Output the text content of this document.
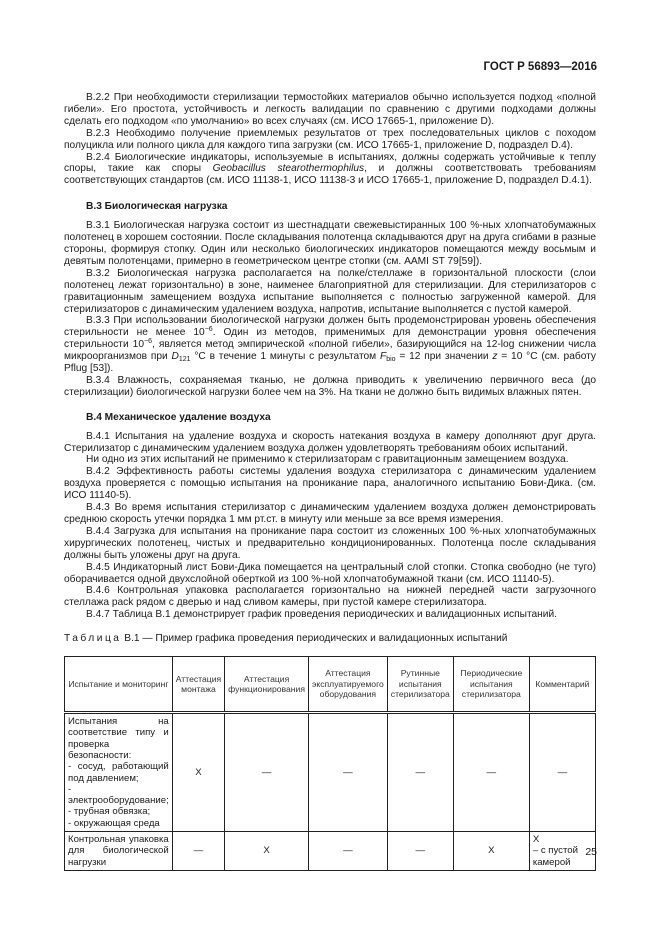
ГОСТ Р 56893—2016

В.2.2 При необходимости стерилизации термостойких материалов обычно используется подход «полной гибели». Его простота, устойчивость и легкость валидации по сравнению с другими подходами должны сделать его подходом «по умолчанию» во всех случаях (см. ИСО 17665-1, приложение D).

В.2.3 Необходимо получение приемлемых результатов от трех последовательных циклов с походом полуцикла или полного цикла для каждого типа загрузки (см. ИСО 17665-1, приложение D, подраздел D.4).

В.2.4 Биологические индикаторы, используемые в испытаниях, должны содержать устойчивые к теплу споры, такие как споры Geobacillus stearothermophilus, и должны соответствовать требованиям соответствующих стандартов (см. ИСО 11138-1, ИСО 11138-3 и ИСО 17665-1, приложение D, подраздел D.4.1).

В.3 Биологическая нагрузка

В.3.1 Биологическая нагрузка состоит из шестнадцати свежевыстиранных 100 %-ных хлопчатобумажных полотенец в хорошем состоянии. После складывания полотенца складываются друг на друга сгибами в разные стороны, формируя стопку. Один или несколько биологических индикаторов помещаются между восьмым и девятым полотенцами, примерно в геометрическом центре стопки (см. AAMI ST 79[59]).

В.3.2 Биологическая нагрузка располагается на полке/стеллаже в горизонтальной плоскости (слои полотенец лежат горизонтально) в зоне, наименее благоприятной для стерилизации. Для стерилизаторов с гравитационным замещением воздуха испытание выполняется с полностью загруженной камерой. Для стерилизаторов с динамическим удалением воздуха, напротив, испытание выполняется с пустой камерой.

В.3.3 При использовании биологической нагрузки должен быть продемонстрирован уровень обеспечения стерильности не менее $10^{-6}$. Один из методов, применимых для демонстрации уровня обеспечения стерильности $10^{-6}$, является метод эмпирической «полной гибели», базирующийся на 12-log снижении числа микроорганизмов при $D_{121}$ °С в течение 1 минуты с результатом $F_{bio} = 12$ при значении z = 10 °С (см. работу Pflug [53]).

В.3.4 Влажность, сохраняемая тканью, не должна приводить к увеличению первичного веса (до стерилизации) биологической нагрузки более чем на 3%. На ткани не должно быть видимых влажных пятен.

В.4 Механическое удаление воздуха

В.4.1 Испытания на удаление воздуха и скорость натекания воздуха в камеру дополняют друг друга. Стерилизатор с динамическим удалением воздуха должен удовлетворять требованиям обоих испытаний.

Ни одно из этих испытаний не применимо к стерилизаторам с гравитационным замещением воздуха.

В.4.2 Эффективность работы системы удаления воздуха стерилизатора с динамическим удалением воздуха проверяется с помощью испытания на проникание пара, аналогичного испытанию Бови-Дика. (см. ИСО 11140-5).

В.4.3 Во время испытания стерилизатор с динамическим удалением воздуха должен демонстрировать среднюю скорость утечки порядка 1 мм рт.ст. в минуту или меньше за все время измерения.

В.4.4 Загрузка для испытания на проникание пара состоит из сложенных 100 %-ных хлопчатобумажных хирургических полотенец, чистых и предварительно кондиционированных. Полотенца после складывания должны быть уложены друг на друга.

В.4.5 Индикаторный лист Бови-Дика помещается на центральный слой стопки. Стопка свободно (не туго) оборачивается одной двухслойной оберткой из 100 %-ной хлопчатобумажной ткани (см. ИСО 11140-5).

В.4.6 Контрольная упаковка располагается горизонтально на нижней передней части загрузочного стеллажа pack рядом с дверью и над сливом камеры, при пустой камере стерилизатора.

В.4.7 Таблица В.1 демонстрирует график проведения периодических и валидационных испытаний.

Таблица В.1 — Пример графика проведения периодических и валидационных испытаний

Испытание и мониторинг	Аттестация монтажа	Аттестация функционирования	Аттестация эксплуатируемого оборудования	Рутинные испытания стерилизатора	Периодические испытания стерилизатора	Комментарий
Испытания на соответствие типу и проверка безопасности:
- сосуд, работающий под давлением;
- электрооборудование;
- трубная обвязка;
- окружающая среда	X	—	—	—	—	—
Контрольная упаковка для биологической нагрузки	—	X	—	—	X	X
– с пустой камерой
25
